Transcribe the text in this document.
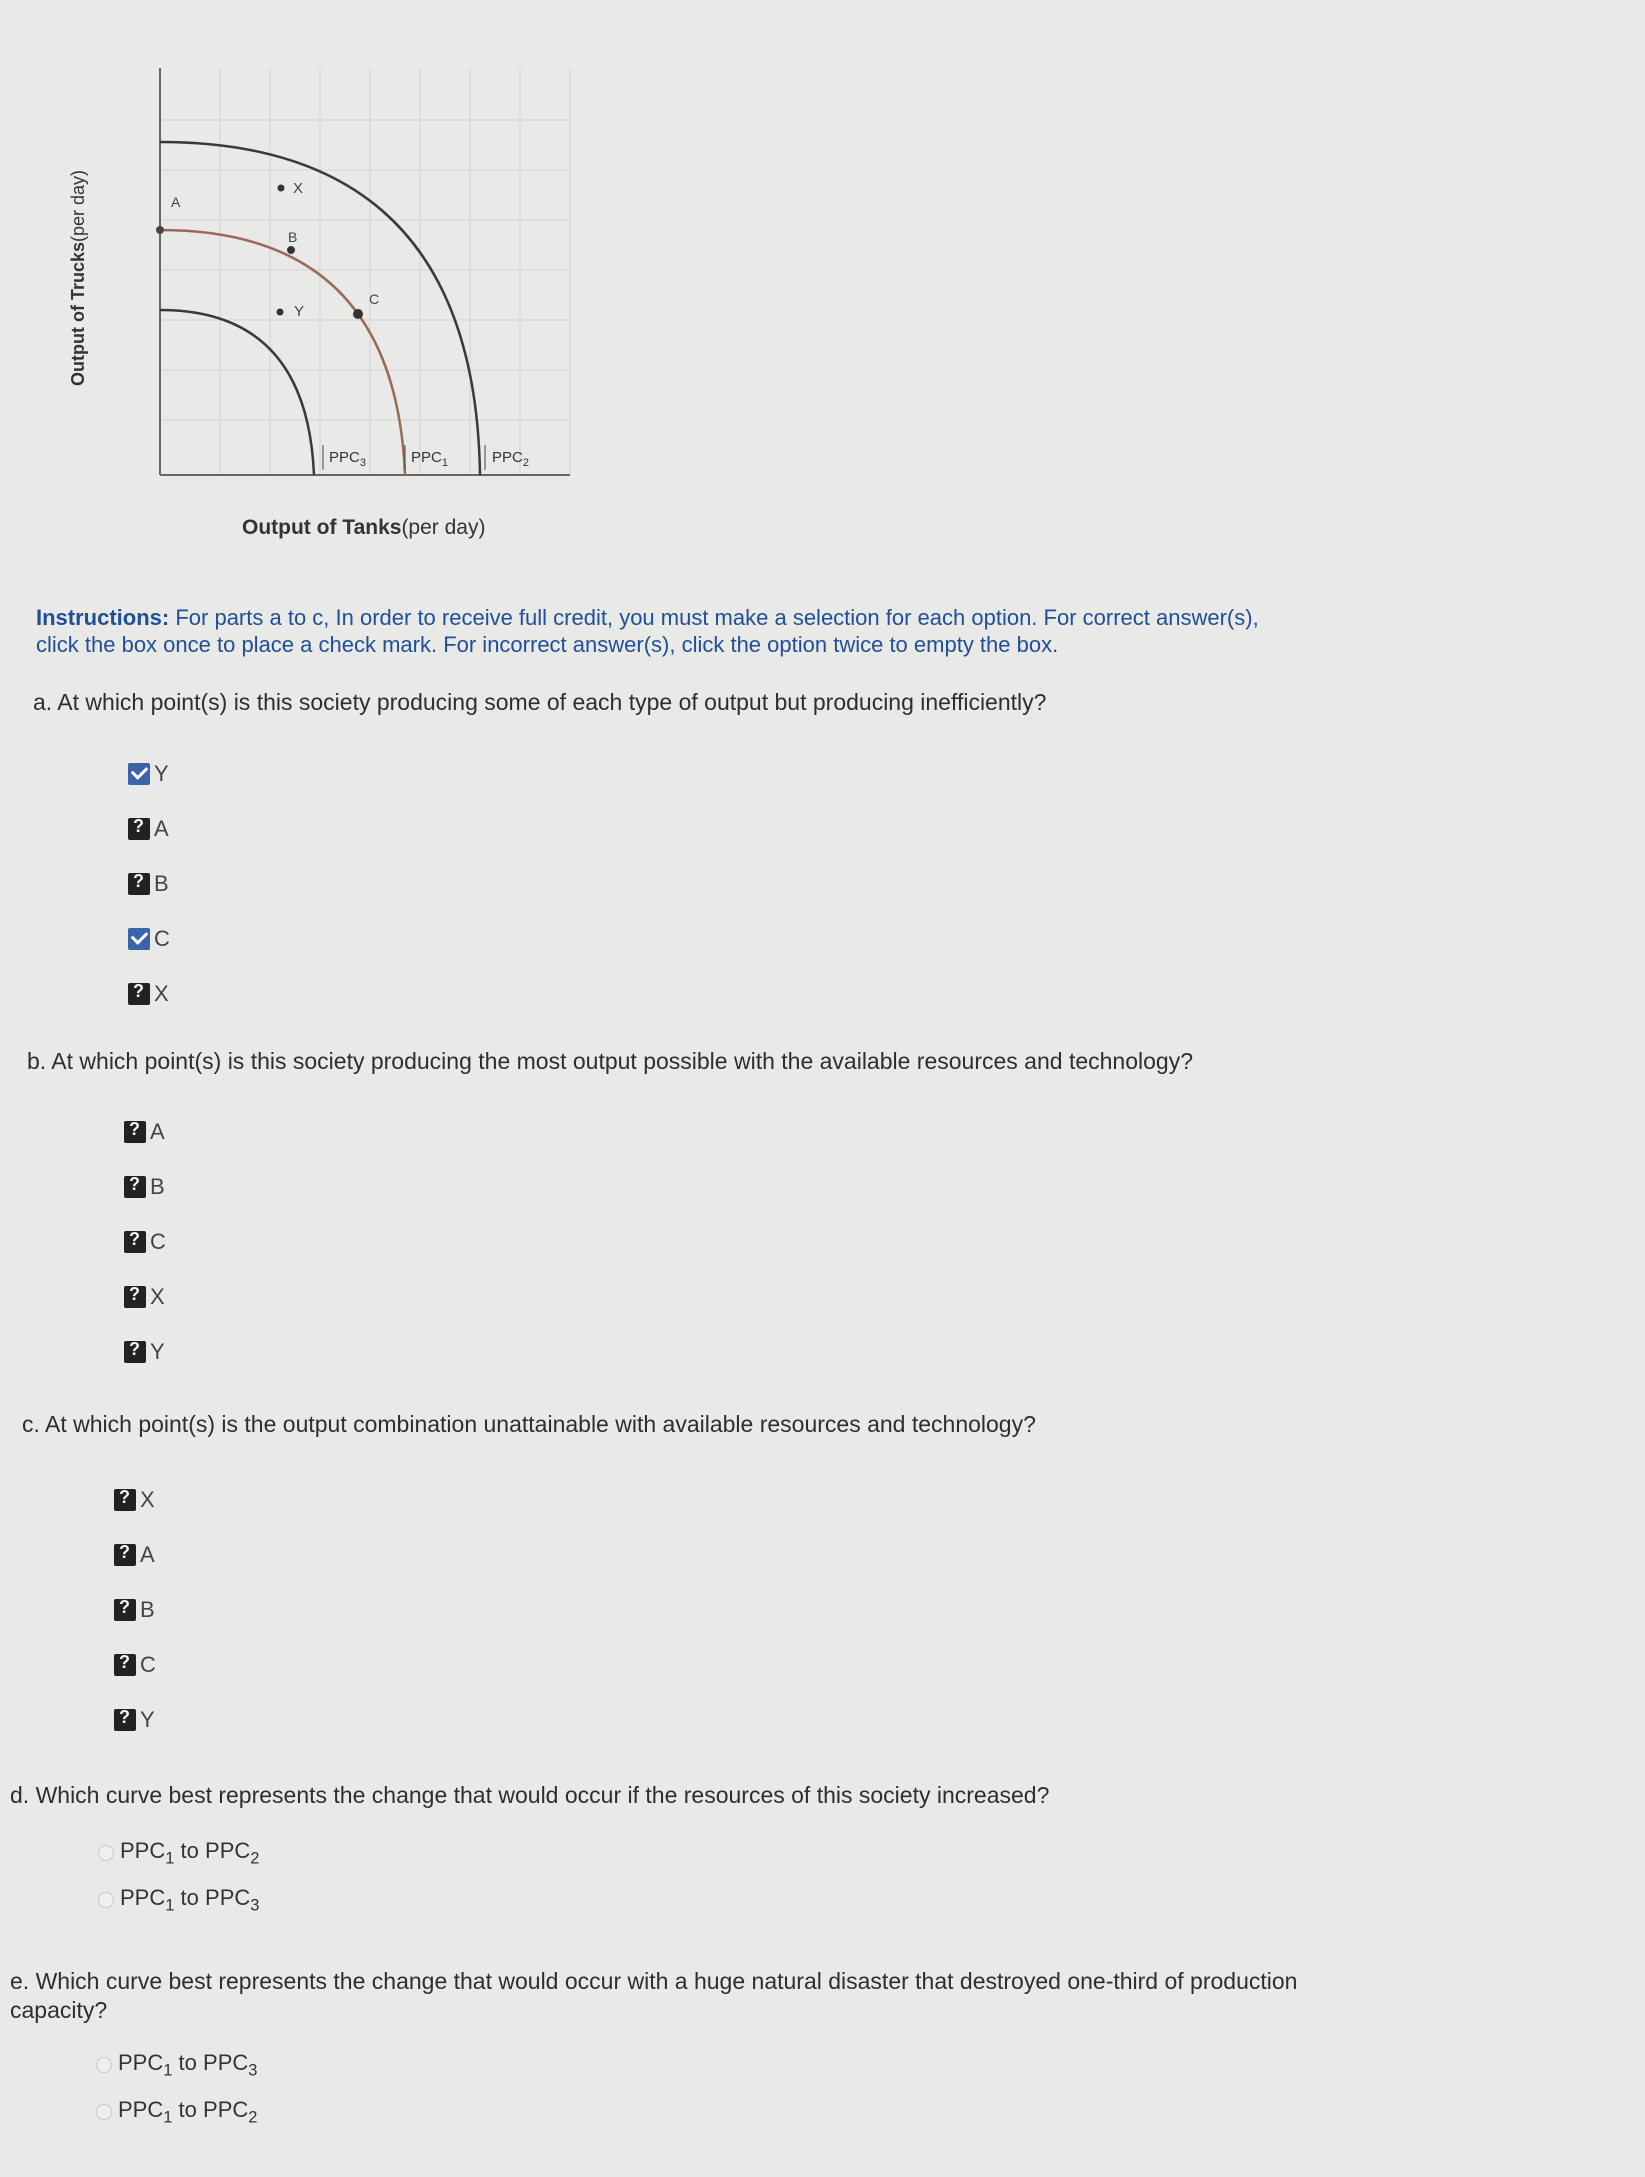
A
X
B
Y
C
$PPC_3$	$PPC_1$	$PPC_2$
Output of Trucks(per day)
Output of Tanks(per day)
Instructions: For parts a to c, In order to receive full credit, you must make a selection for each option. For correct answer(s), click the box once to place a check mark. For incorrect answer(s), click the option twice to empty the box.
a. At which point(s) is this society producing some of each type of output but producing inefficiently?
Y
?
A
?
B
C
?
X
b. At which point(s) is this society producing the most output possible with the available resources and technology?
?
A
?
B
?
C
?
X
?
Y
c. At which point(s) is the output combination unattainable with available resources and technology?
?
X
?
A
?
B
?
C
?
Y
d. Which curve best represents the change that would occur if the resources of this society increased?
$PPC_1$ to $PPC_2$
$PPC_1$ to $PPC_3$
e. Which curve best represents the change that would occur with a huge natural disaster that destroyed one-third of production capacity?
$PPC_1$ to $PPC_3$
$PPC_1$ to $PPC_2$
